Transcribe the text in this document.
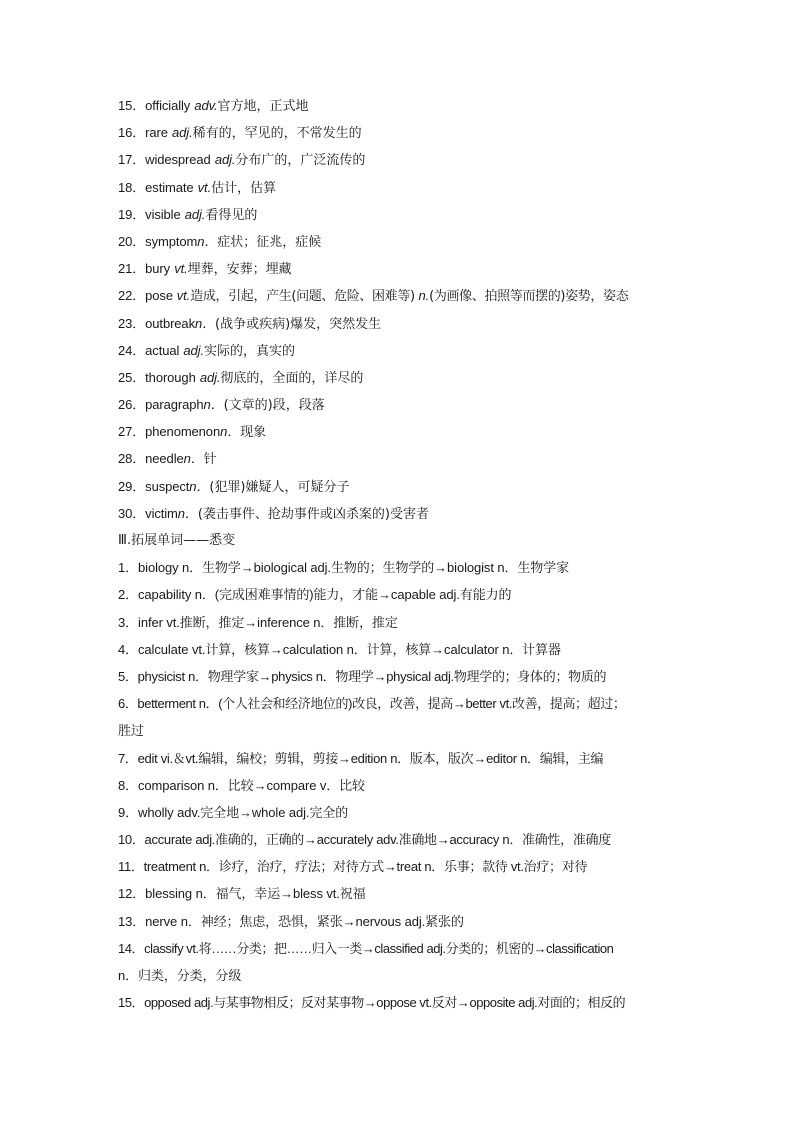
15．officially adv.官方地，正式地
16．rare adj.稀有的，罕见的，不常发生的
17．widespread adj.分布广的，广泛流传的
18．estimate vt.估计，估算
19．visible adj.看得见的
20．symptomn．症状；征兆，症候
21．bury vt.埋葬，安葬；埋藏
22．pose vt.造成，引起，产生(问题、危险、困难等) n.(为画像、拍照等而摆的)姿势，姿态
23．outbreakn．(战争或疾病)爆发，突然发生
24．actual adj.实际的，真实的
25．thorough adj.彻底的，全面的，详尽的
26．paragraphn．(文章的)段，段落
27．phenomenonn．现象
28．needlen．针
29．suspectn．(犯罪)嫌疑人，可疑分子
30．victimn．(袭击事件、抢劫事件或凶杀案的)受害者
Ⅲ.拓展单词——悉变
1．biology n．生物学→biological adj.生物的；生物学的→biologist n．生物学家
2．capability n．(完成困难事情的)能力，才能→capable adj.有能力的
3．infer vt.推断，推定→inference n．推断，推定
4．calculate vt.计算，核算→calculation n．计算，核算→calculator n．计算器
5．physicist n．物理学家→physics n．物理学→physical adj.物理学的；身体的；物质的
6．betterment n．(个人社会和经济地位的)改良，改善，提高→better vt.改善，提高；超过；
胜过
7．edit vi.＆vt.编辑，编校；剪辑，剪接→edition n．版本，版次→editor n．编辑，主编
8．comparison n．比较→compare v．比较
9．wholly adv.完全地→whole adj.完全的
10．accurate adj.准确的，正确的→accurately adv.准确地→accuracy n．准确性，准确度
11．treatment n．诊疗，治疗，疗法；对待方式→treat n．乐事；款待 vt.治疗；对待
12．blessing n．福气，幸运→bless vt.祝福
13．nerve n．神经；焦虑，恐惧，紧张→nervous adj.紧张的
14．classify vt.将……分类；把……归入一类→classified adj.分类的；机密的→classification
n．归类，分类，分级
15．opposed adj.与某事物相反；反对某事物→oppose vt.反对→opposite adj.对面的；相反的
